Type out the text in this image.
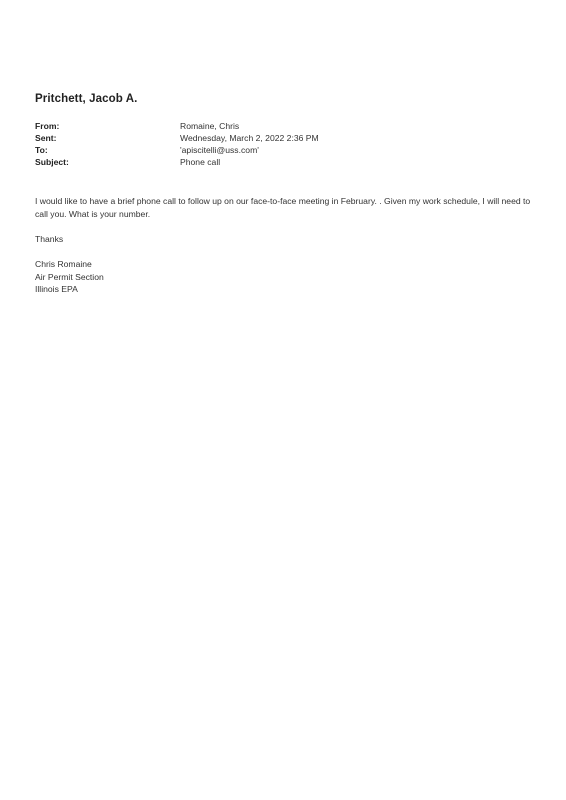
Pritchett, Jacob A.
From:	Romaine, Chris
Sent:	Wednesday, March 2, 2022 2:36 PM
To:	'apiscitelli@uss.com'
Subject:	Phone call

I would like to have a brief phone call to follow up on our face-to-face meeting in February. . Given my work schedule, I will need to call you. What is your number.

Thanks
Chris Romaine
Air Permit Section
Illinois EPA
